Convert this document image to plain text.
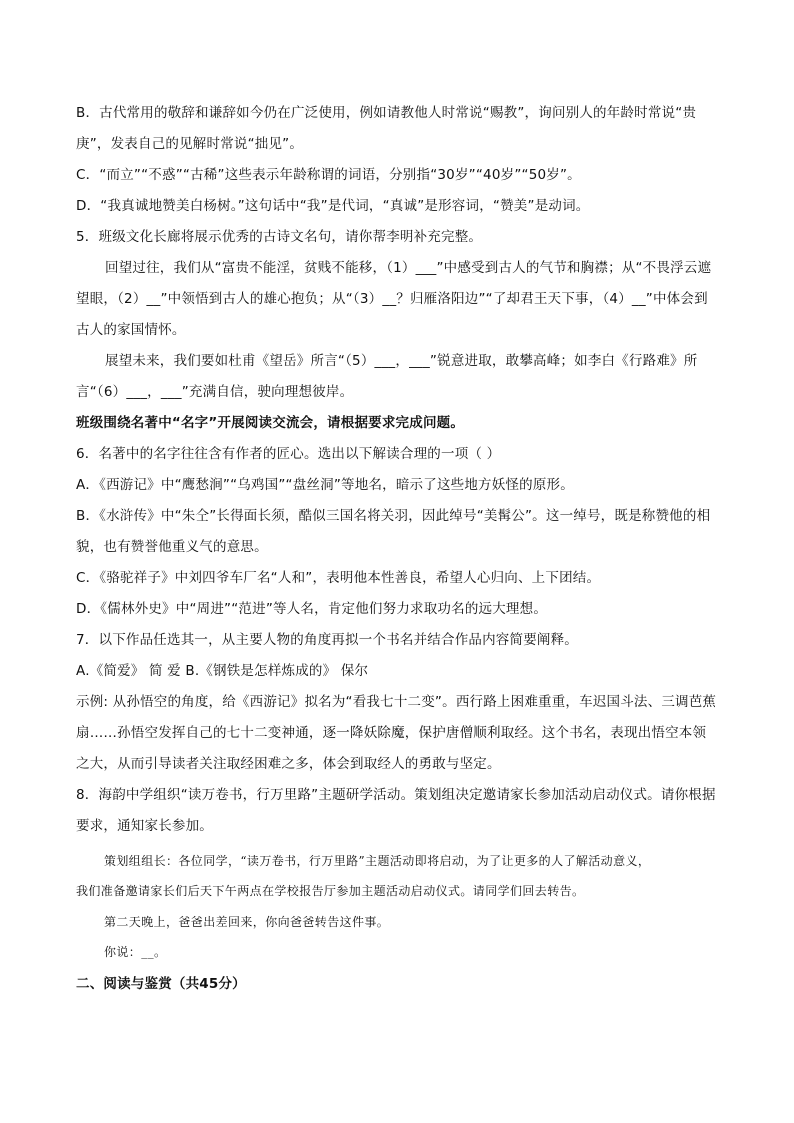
B．古代常用的敬辞和谦辞如今仍在广泛使用，例如请教他人时常说“赐教”，询问别人的年龄时常说“贵
庚”，发表自己的见解时常说“拙见”。
C．“而立”“不惑”“古稀”这些表示年龄称谓的词语，分别指“30岁”“40岁”“50岁”。
D．“我真诚地赞美白杨树。”这句话中“我”是代词，“真诚”是形容词，“赞美”是动词。
5．班级文化长廊将展示优秀的古诗文名句，请你帮李明补充完整。
回望过往，我们从“富贵不能淫，贫贱不能移，（1）___”中感受到古人的气节和胸襟；从“不畏浮云遮
望眼，（2）__”中领悟到古人的雄心抱负；从“（3）__？归雁洛阳边”“了却君王天下事，（4）__”中体会到
古人的家国情怀。
展望未来，我们要如杜甫《望岳》所言“（5）___，___”锐意进取，敢攀高峰；如李白《行路难》所
言“（6）___，___”充满自信，驶向理想彼岸。
班级围绕名著中“名字”开展阅读交流会，请根据要求完成问题。
6．名著中的名字往往含有作者的匠心。选出以下解读合理的一项（ ）
A．《西游记》中“鹰愁涧”“乌鸡国”“盘丝洞”等地名，暗示了这些地方妖怪的原形。
B．《水浒传》中“朱仝”长得面长须，酷似三国名将关羽，因此绰号“美髯公”。这一绰号，既是称赞他的相
貌，也有赞誉他重义气的意思。
C．《骆驼祥子》中刘四爷车厂名“人和”，表明他本性善良，希望人心归向、上下团结。
D．《儒林外史》中“周进”“范进”等人名，肯定他们努力求取功名的远大理想。
7．以下作品任选其一，从主要人物的角度再拟一个书名并结合作品内容简要阐释。
A.《简爱》 简 爱 B.《钢铁是怎样炼成的》 保尔
示例: 从孙悟空的角度，给《西游记》拟名为“看我七十二变”。西行路上困难重重，车迟国斗法、三调芭蕉
扇……孙悟空发挥自己的七十二变神通，逐一降妖除魔，保护唐僧顺利取经。这个书名，表现出悟空本领
之大，从而引导读者关注取经困难之多，体会到取经人的勇敢与坚定。
8．海韵中学组织“读万卷书，行万里路”主题研学活动。策划组决定邀请家长参加活动启动仪式。请你根据
要求，通知家长参加。
策划组组长：各位同学，“读万卷书，行万里路”主题活动即将启动，为了让更多的人了解活动意义，
我们准备邀请家长们后天下午两点在学校报告厅参加主题活动启动仪式。请同学们回去转告。
第二天晚上，爸爸出差回来，你向爸爸转告这件事。
你说：__。
二、阅读与鉴赏（共45分）
